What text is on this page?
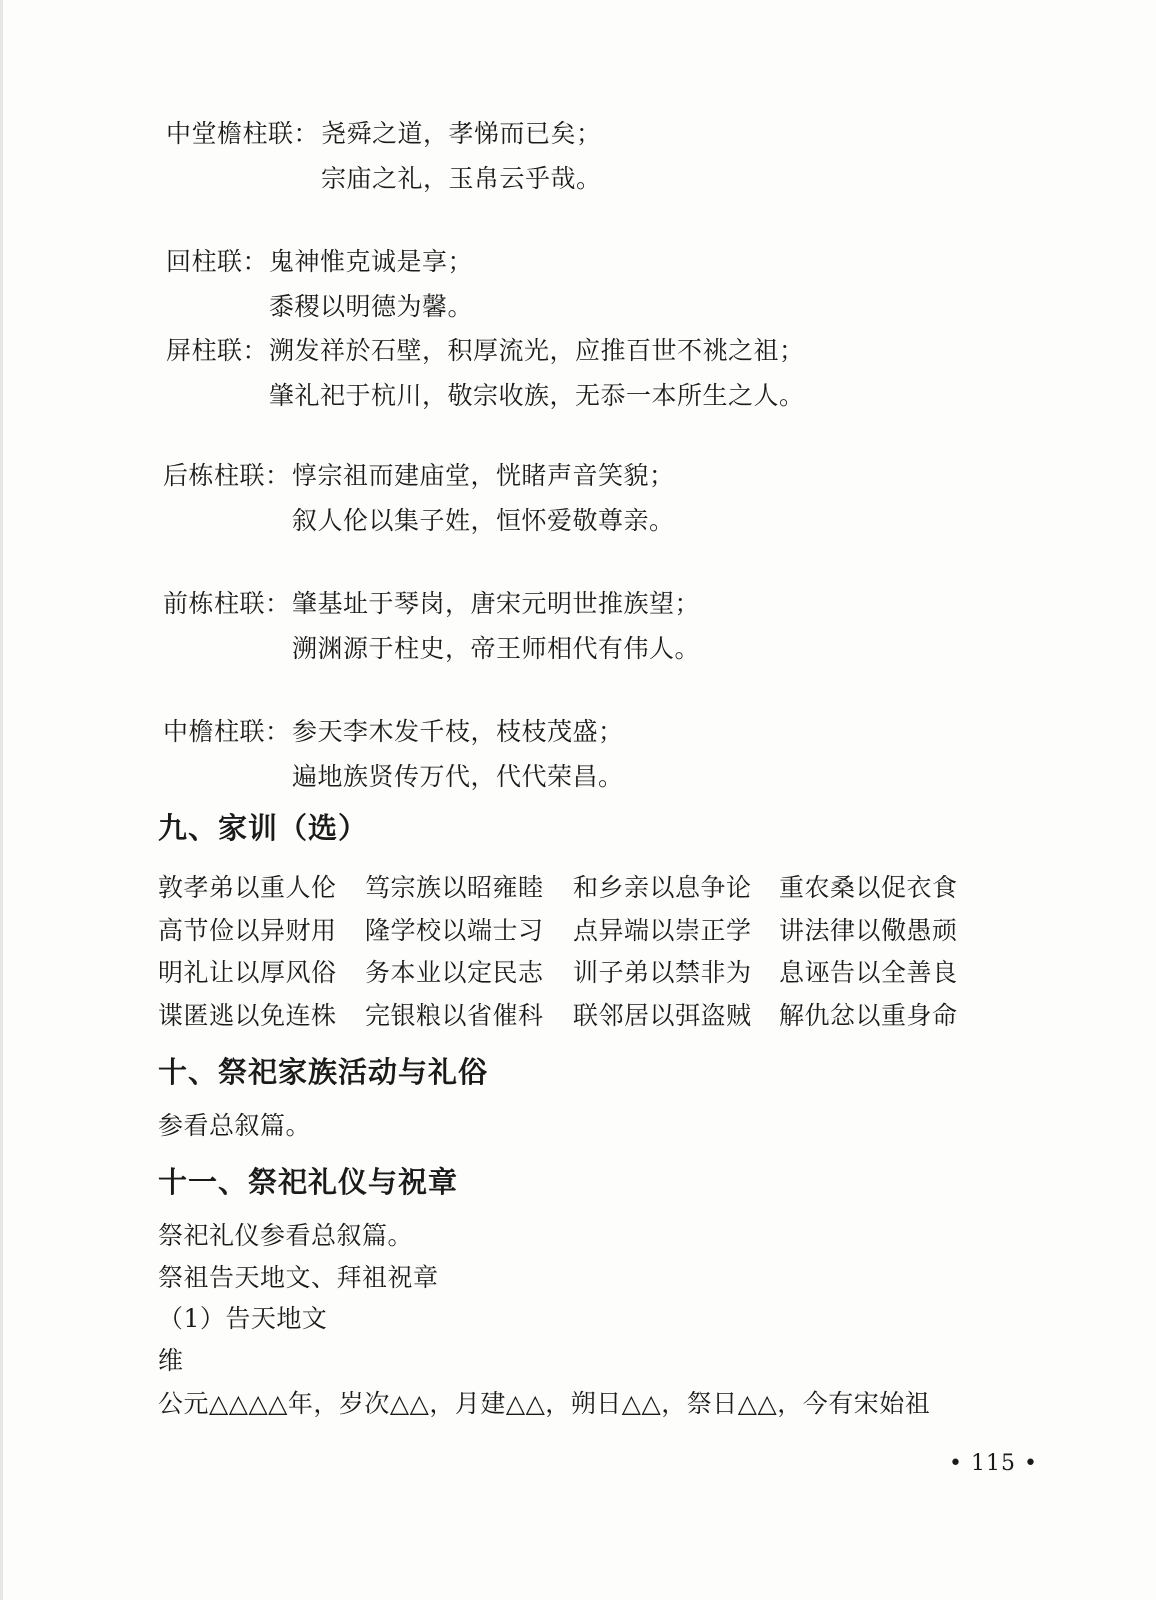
中堂檐柱联： 尧舜之道，孝悌而已矣；
宗庙之礼，玉帛云乎哉。
回柱联： 鬼神惟克诚是享；
黍稷以明德为馨。
屏柱联： 溯发祥於石壁，积厚流光，应推百世不祧之祖；
肇礼祀于杭川，敬宗收族，无忝一本所生之人。
后栋柱联： 惇宗祖而建庙堂，恍睹声音笑貌；
叙人伦以集子姓，恒怀爱敬尊亲。
前栋柱联： 肇基址于琴岗，唐宋元明世推族望；
溯渊源于柱史，帝王师相代有伟人。
中檐柱联： 参天李木发千枝，枝枝茂盛；
遍地族贤传万代，代代荣昌。
九、家训（选）
敦孝弟以重人伦 笃宗族以昭雍睦 和乡亲以息争论 重农桑以促衣食
高节俭以异财用 隆学校以端士习 点异端以崇正学 讲法律以儆愚顽
明礼让以厚风俗 务本业以定民志 训子弟以禁非为 息诬告以全善良
谍匿逃以免连株 完银粮以省催科 联邻居以弭盗贼 解仇忿以重身命
十、祭祀家族活动与礼俗
参看总叙篇。
十一、祭祀礼仪与祝章
祭祀礼仪参看总叙篇。
祭祖告天地文、拜祖祝章
（1）告天地文
维
公元△△△△年，岁次△△，月建△△，朔日△△，祭日△△，今有宋始祖
• 115 •
